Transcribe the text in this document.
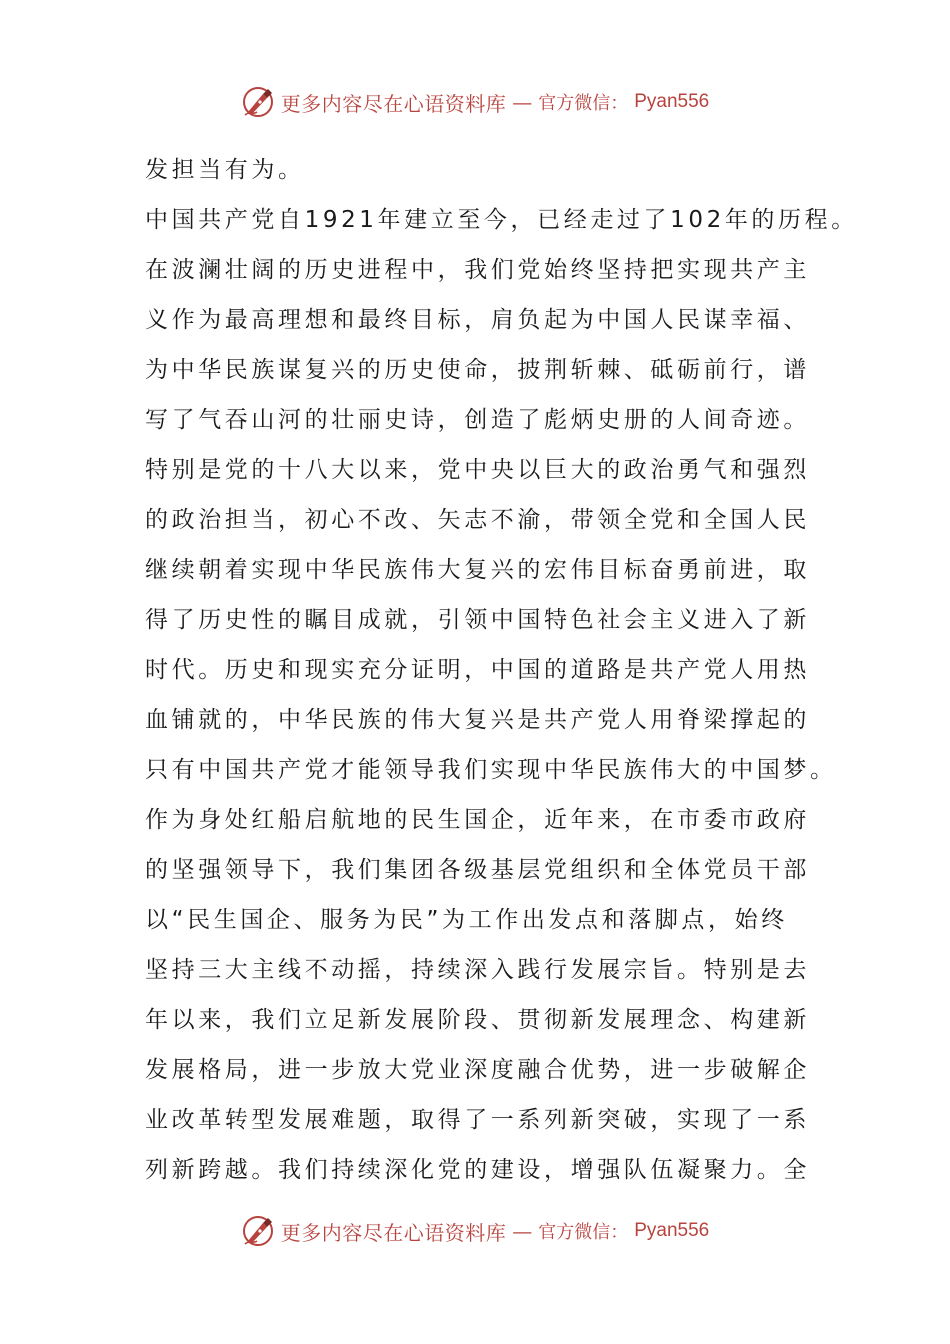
更多内容尽在心语资料库 — 官方微信： Pyan556
发担当有为。
中国共产党自1921年建立至今，已经走过了102年的历程。
在波澜壮阔的历史进程中，我们党始终坚持把实现共产主
义作为最高理想和最终目标，肩负起为中国人民谋幸福、
为中华民族谋复兴的历史使命，披荆斩棘、砥砺前行，谱
写了气吞山河的壮丽史诗，创造了彪炳史册的人间奇迹。
特别是党的十八大以来，党中央以巨大的政治勇气和强烈
的政治担当，初心不改、矢志不渝，带领全党和全国人民
继续朝着实现中华民族伟大复兴的宏伟目标奋勇前进，取
得了历史性的瞩目成就，引领中国特色社会主义进入了新
时代。历史和现实充分证明，中国的道路是共产党人用热
血铺就的，中华民族的伟大复兴是共产党人用脊梁撑起的
只有中国共产党才能领导我们实现中华民族伟大的中国梦。
作为身处红船启航地的民生国企，近年来，在市委市政府
的坚强领导下，我们集团各级基层党组织和全体党员干部
以“民生国企、服务为民”为工作出发点和落脚点，始终
坚持三大主线不动摇，持续深入践行发展宗旨。特别是去
年以来，我们立足新发展阶段、贯彻新发展理念、构建新
发展格局，进一步放大党业深度融合优势，进一步破解企
业改革转型发展难题，取得了一系列新突破，实现了一系
列新跨越。我们持续深化党的建设，增强队伍凝聚力。全
更多内容尽在心语资料库 — 官方微信： Pyan556
